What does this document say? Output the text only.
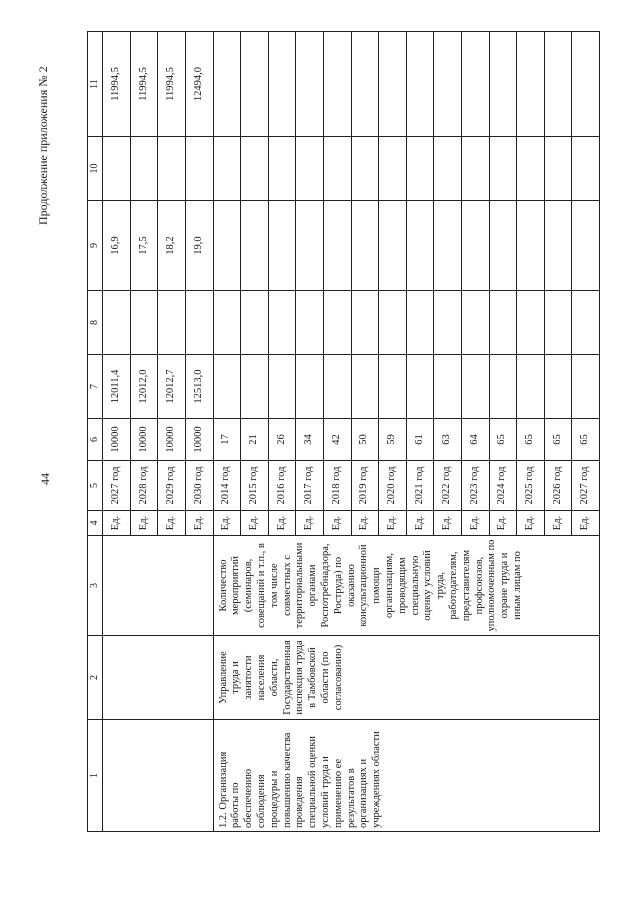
44
Продолжение приложения № 2
1	2	3	4	5	6	7	8	9	10	11
			Ед.	2027 год	10000	12011,4		16,9		11994,5
			Ед.	2028 год	10000	12012,0		17,5		11994,5
			Ед.	2029 год	10000	12012,7		18,2		11994,5
			Ед.	2030 год	10000	12513,0		19,0		12494,0
1.2. Организация работы по обеспечению соблюдения процедуры и повышению качества проведения специальной оценки условий труда и применению ее результатов в организациях и учреждениях области	Управление труда и занятости населения области, Государственная инспекция труда в Тамбовской области (по согласованию)	Количество мероприятий (семинаров, совещаний и т.п., в том числе совместных с территориальными органами Роспотребнадзора, Роструда) по оказанию консультационной помощи организациям, проводящим специальную оценку условий труда, работодателям, представителям профсоюзов, уполномоченным по охране труда и иным лицам по	Ед.	2014 год	17					
			Ед.	2015 год	21					
			Ед.	2016 год	26					
			Ед.	2017 год	34					
			Ед.	2018 год	42					
			Ед.	2019 год	50					
			Ед.	2020 год	59					
			Ед.	2021 год	61					
			Ед.	2022 год	63					
			Ед.	2023 год	64					
			Ед.	2024 год	65					
			Ед.	2025 год	65					
			Ед.	2026 год	65					
			Ед.	2027 год	65					
